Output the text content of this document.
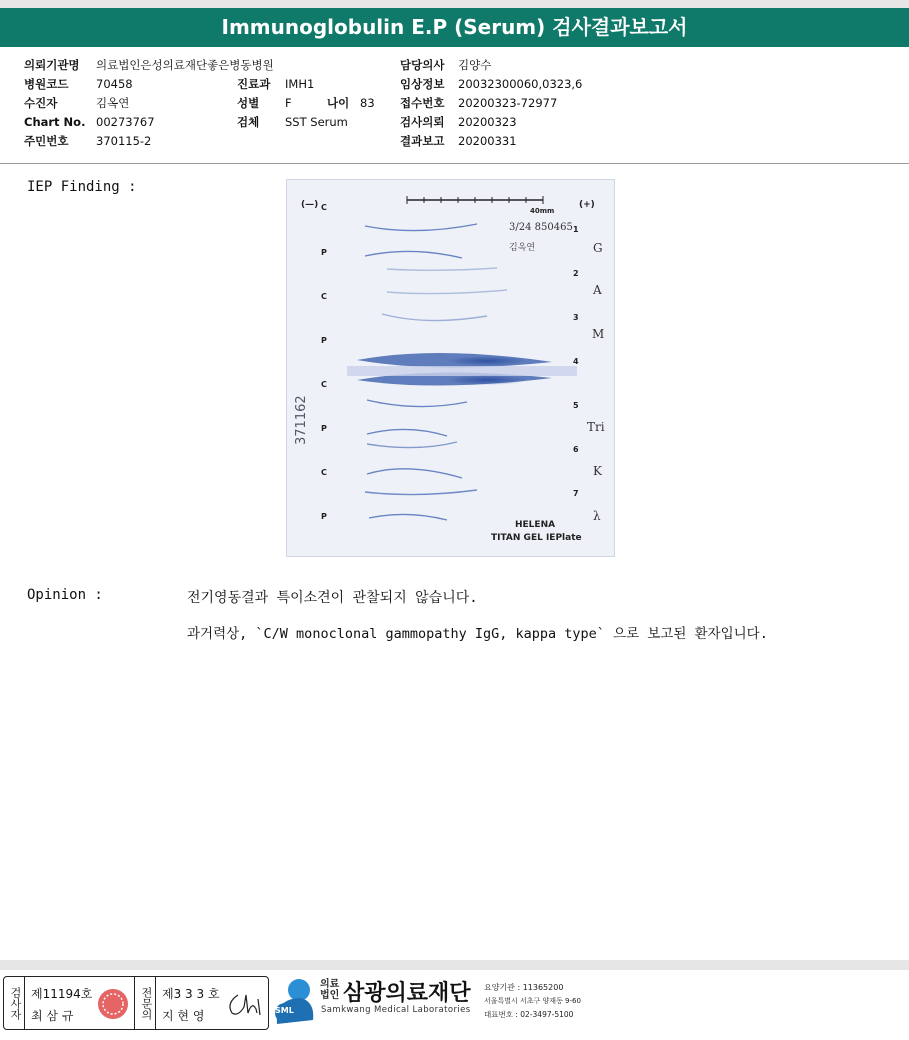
Immunoglobulin E.P (Serum) 검사결과보고서
의뢰기관명	의료법인은성의료재단좋은병동병원
병원코드	70458
수진자	김옥연
Chart No. 00273767
주민번호	370115-2
진료과	IMH1
성별	F	나이 83
검체	SST Serum
담당의사	김양수
임상정보	20032300060,0323,6
접수번호	20200323-72977
검사의뢰	20200323
결과보고	20200331
IEP Finding :
40mm
(—)	(+)
3/24 850465
김옥연
371162
C
P
C
P
C
P
C
P
1
2
3
4
5
6
7
G
A
M
Tri
K
λ
HELENA
TITAN GEL IEPlate
Opinion :	전기영동결과 특이소견이 관찰되지 않습니다.
과거력상, `C/W monoclonal gammopathy IgG, kappa type` 으로 보고된 환자입니다.
검사자 제11194호
최 삼 규	전문의 제3 3 3 호
지 현 영	SML
의료
법인 삼광의료재단
Samkwang Medical Laboratories
요양기관 : 11365200
서울특별시 서초구 양재동 9-60
대표번호 : 02-3497-5100
